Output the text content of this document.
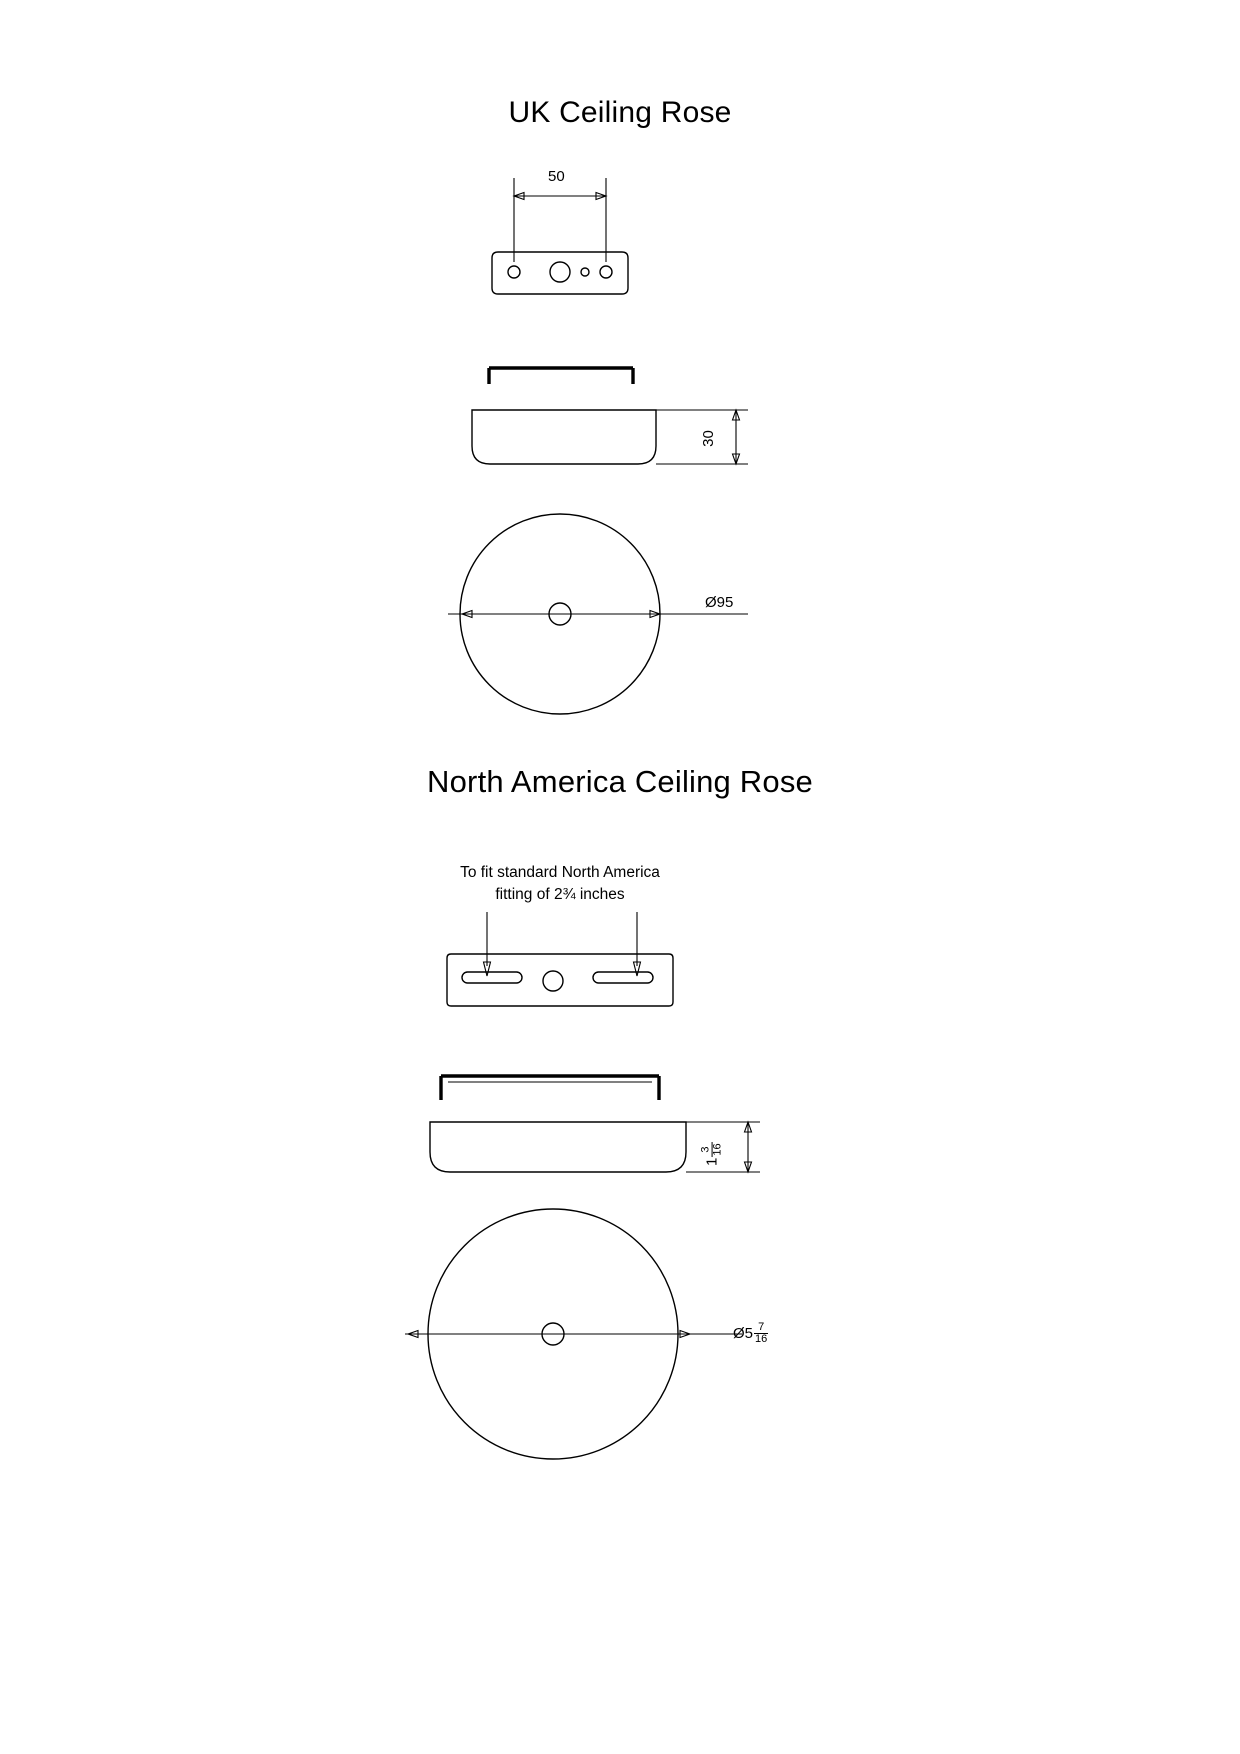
UK Ceiling Rose
50
30
Ø95
North America Ceiling Rose
To fit standard North America
fitting of 2¾ inches
1
3 16
Ø5 $\frac{7}{16}$
